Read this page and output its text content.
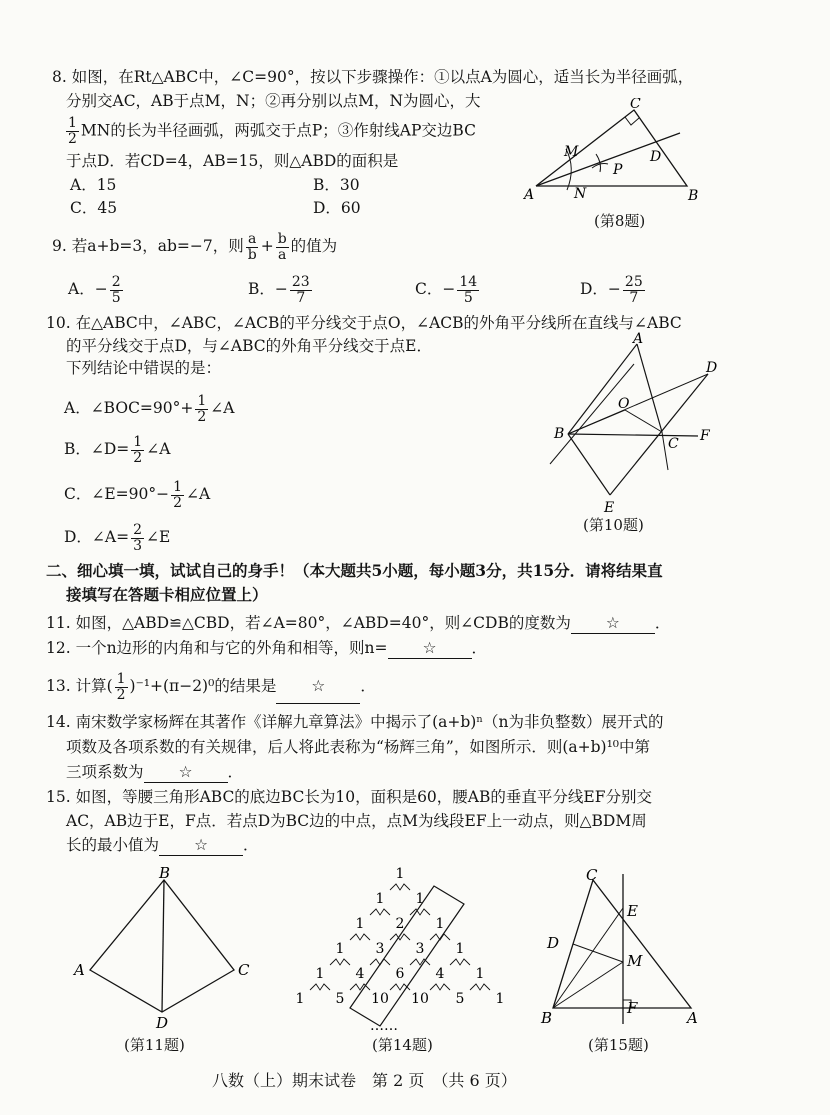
8. 如图，在Rt△ABC中，∠C=90°，按以下步骤操作：①以点A为圆心，适当长为半径画弧，
分别交AC，AB于点M，N；②再分别以点M，N为圆心，大
$\frac{1}{2}$ MN的长为半径画弧，两弧交于点P；③作射线AP交边BC
于点D．若CD=4，AB=15，则△ABD的面积是
A．15	B．30
C．45	D．60
A	B
C
D
M
N
P
(第8题)
9. 若a+b=3，ab=−7，则 $\frac{a}{b} + \frac{b}{a}$ 的值为
A．− $\frac{2}{5}$	B．− $\frac{23}{7}$	C．− $\frac{14}{5}$	D．− $\frac{25}{7}$
10. 在△ABC中，∠ABC，∠ACB的平分线交于点O，∠ACB的外角平分线所在直线与∠ABC
的平分线交于点D，与∠ABC的外角平分线交于点E．
下列结论中错误的是：
A．∠BOC=90°+ $\frac{1}{2}$ ∠A
B．∠D= $\frac{1}{2}$ ∠A
C．∠E=90°− $\frac{1}{2}$ ∠A
D．∠A= $\frac{2}{3}$ ∠E
A
B
C
D
E
F
O
(第10题)
二、细心填一填，试试自己的身手！（本大题共5小题，每小题3分，共15分．请将结果直
接填写在答题卡相应位置上）
11. 如图，△ABD≌△CBD，若∠A=80°，∠ABD=40°，则∠CDB的度数为 ☆ ．
12. 一个n边形的内角和与它的外角和相等，则n= ☆ ．
13. 计算( $\frac{1}{2} )^{-1}+(\pi-2)^0$的结果是 ☆ ．
14. 南宋数学家杨辉在其著作《详解九章算法》中揭示了(a+b)ⁿ（n为非负整数）展开式的
项数及各项系数的有关规律，后人将此表称为“杨辉三角”，如图所示．则(a+b)¹⁰中第
三项系数为 ☆ ．
15. 如图，等腰三角形ABC的底边BC长为10，面积是60，腰AB的垂直平分线EF分别交
AC，AB边于E，F点．若点D为BC边的中点，点M为线段EF上一动点，则△BDM周
长的最小值为 ☆ ．
B
A	C
D
(第11题)
1
1 1
1 2 1
1 3 3 1
1 4 6 4 1
1 5 10 10 5 1
……
(第14题)
C
E
D
M
B
F
A
(第15题)
八数（上）期末试卷　第 2 页　（共 6 页）
